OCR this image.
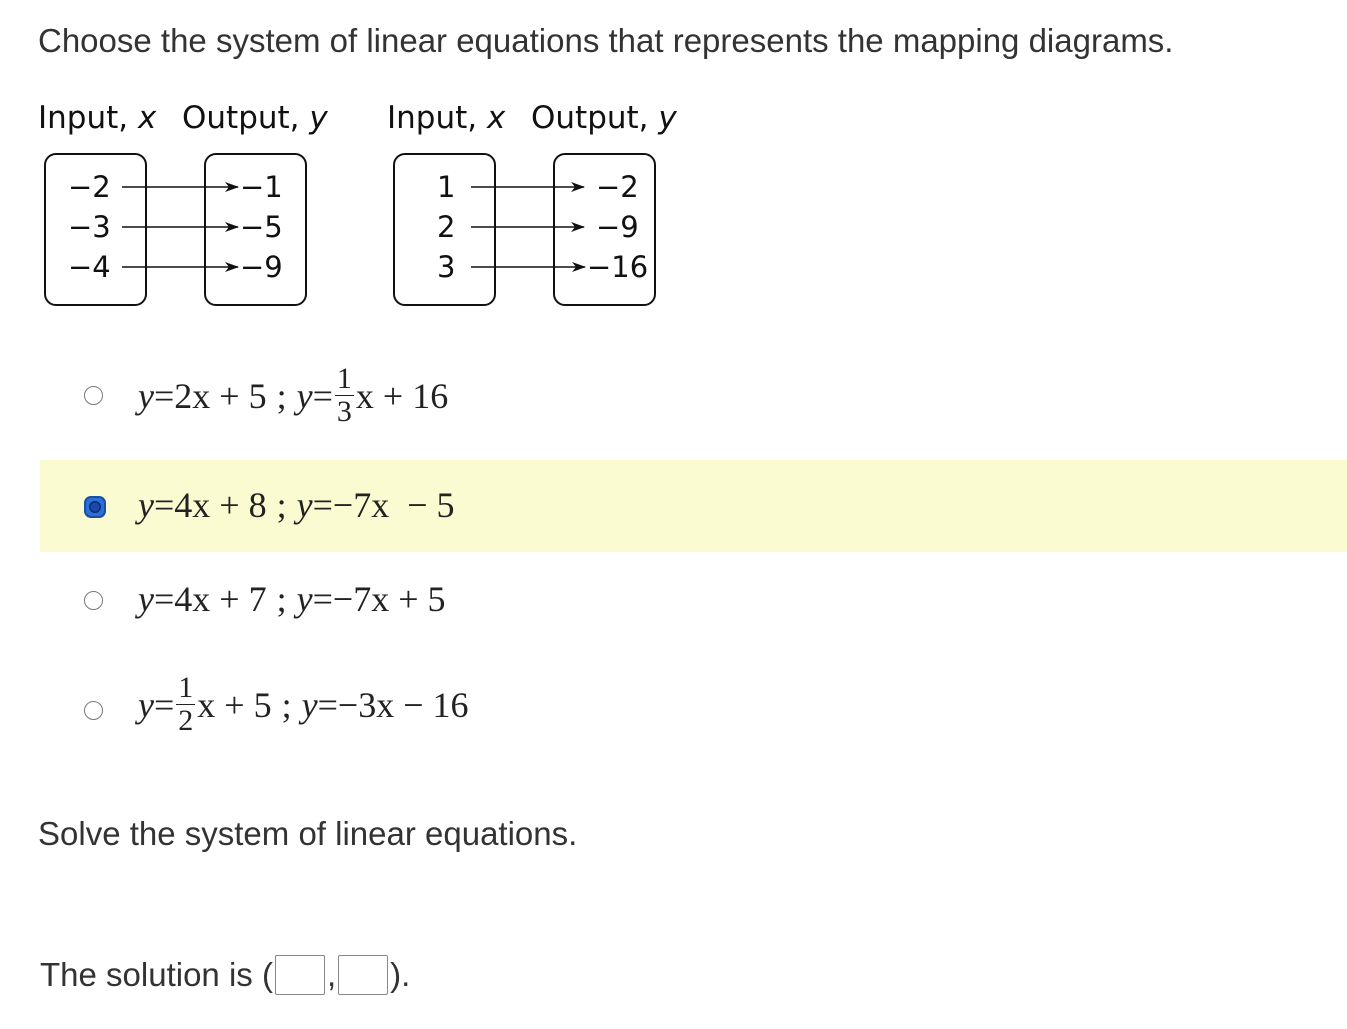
Choose the system of linear equations that represents the mapping diagrams.
Input, x Output, y
−2
−3
−4
−1
−5
−9
Input, x Output, y
1
2
3
−2
−9
−16
y = 2x + 5 ; $y = \frac{1}{3}$ x + 16
y = 4x + 8 ; y = −7x  − 5
y = 4x + 7 ; y = −7x + 5
$y = \frac{1}{2}$ x + 5 ; y = −3x − 16
Solve the system of linear equations.
The solution is ( , ).
